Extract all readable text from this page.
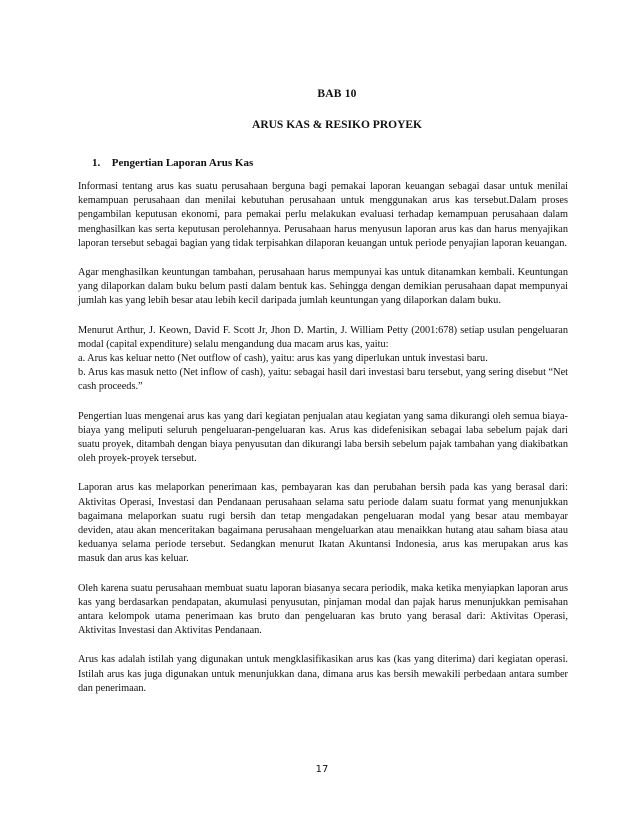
BAB 10
ARUS KAS & RESIKO PROYEK
1. Pengertian Laporan Arus Kas

Informasi tentang arus kas suatu perusahaan berguna bagi pemakai laporan keuangan sebagai dasar untuk menilai kemampuan perusahaan dan menilai kebutuhan perusahaan untuk menggunakan arus kas tersebut.Dalam proses pengambilan keputusan ekonomi, para pemakai perlu melakukan evaluasi terhadap kemampuan perusahaan dalam menghasilkan kas serta keputusan perolehannya. Perusahaan harus menyusun laporan arus kas dan harus menyajikan laporan tersebut sebagai bagian yang tidak terpisahkan dilaporan keuangan untuk periode penyajian laporan keuangan.

Agar menghasilkan keuntungan tambahan, perusahaan harus mempunyai kas untuk ditanamkan kembali. Keuntungan yang dilaporkan dalam buku belum pasti dalam bentuk kas. Sehingga dengan demikian perusahaan dapat mempunyai jumlah kas yang lebih besar atau lebih kecil daripada jumlah keuntungan yang dilaporkan dalam buku.

Menurut Arthur, J. Keown, David F. Scott Jr, Jhon D. Martin, J. William Petty (2001:678) setiap usulan pengeluaran modal (capital expenditure) selalu mengandung dua macam arus kas, yaitu:
a. Arus kas keluar netto (Net outflow of cash), yaitu: arus kas yang diperlukan untuk investasi baru.
b. Arus kas masuk netto (Net inflow of cash), yaitu: sebagai hasil dari investasi baru tersebut, yang sering disebut “Net cash proceeds.”

Pengertian luas mengenai arus kas yang dari kegiatan penjualan atau kegiatan yang sama dikurangi oleh semua biaya-biaya yang meliputi seluruh pengeluaran-pengeluaran kas. Arus kas didefenisikan sebagai laba sebelum pajak dari suatu proyek, ditambah dengan biaya penyusutan dan dikurangi laba bersih sebelum pajak tambahan yang diakibatkan oleh proyek-proyek tersebut.

Laporan arus kas melaporkan penerimaan kas, pembayaran kas dan perubahan bersih pada kas yang berasal dari: Aktivitas Operasi, Investasi dan Pendanaan perusahaan selama satu periode dalam suatu format yang menunjukkan bagaimana melaporkan suatu rugi bersih dan tetap mengadakan pengeluaran modal yang besar atau membayar deviden, atau akan menceritakan bagaimana perusahaan mengeluarkan atau menaikkan hutang atau saham biasa atau keduanya selama periode tersebut. Sedangkan menurut Ikatan Akuntansi Indonesia, arus kas merupakan arus kas masuk dan arus kas keluar.

Oleh karena suatu perusahaan membuat suatu laporan biasanya secara periodik, maka ketika menyiapkan laporan arus kas yang berdasarkan pendapatan, akumulasi penyusutan, pinjaman modal dan pajak harus menunjukkan pemisahan antara kelompok utama penerimaan kas bruto dan pengeluaran kas bruto yang berasal dari: Aktivitas Operasi, Aktivitas Investasi dan Aktivitas Pendanaan.

Arus kas adalah istilah yang digunakan untuk mengklasifikasikan arus kas (kas yang diterima) dari kegiatan operasi. Istilah arus kas juga digunakan untuk menunjukkan dana, dimana arus kas bersih mewakili perbedaan antara sumber dan penerimaan.

17
